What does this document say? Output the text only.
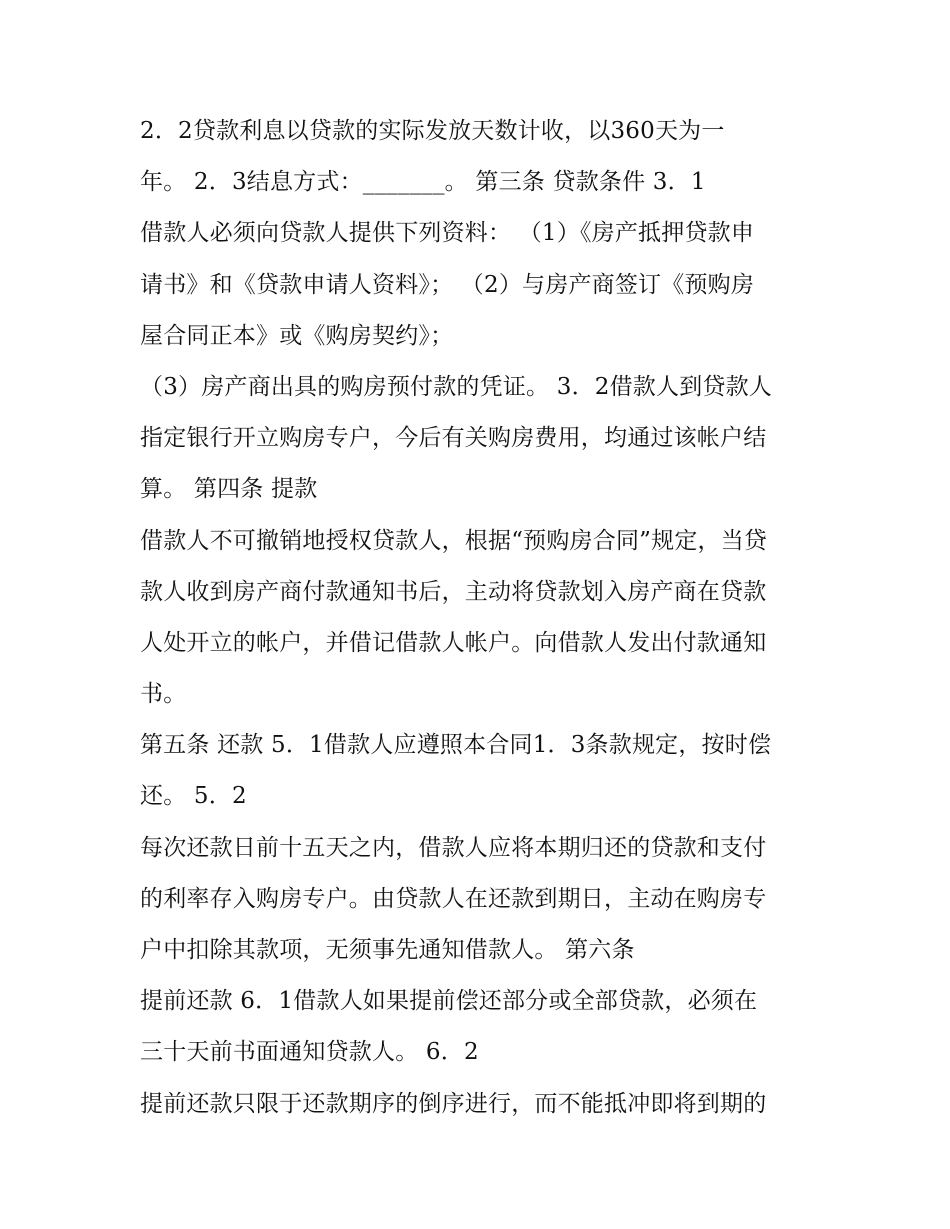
2．2贷款利息以贷款的实际发放天数计收，以360天为一
年。 2．3结息方式：_______。 第三条 贷款条件 3．1
借款人必须向贷款人提供下列资料： （1）《房产抵押贷款申
请书》和《贷款申请人资料》； （2）与房产商签订《预购房
屋合同正本》或《购房契约》；
（3）房产商出具的购房预付款的凭证。 3．2借款人到贷款人
指定银行开立购房专户，今后有关购房费用，均通过该帐户结
算。 第四条 提款
借款人不可撤销地授权贷款人，根据“预购房合同”规定，当贷
款人收到房产商付款通知书后，主动将贷款划入房产商在贷款
人处开立的帐户，并借记借款人帐户。向借款人发出付款通知
书。
第五条 还款 5．1借款人应遵照本合同1．3条款规定，按时偿
还。 5．2
每次还款日前十五天之内，借款人应将本期归还的贷款和支付
的利率存入购房专户。由贷款人在还款到期日，主动在购房专
户中扣除其款项，无须事先通知借款人。 第六条
提前还款 6．1借款人如果提前偿还部分或全部贷款，必须在
三十天前书面通知贷款人。 6．2
提前还款只限于还款期序的倒序进行，而不能抵冲即将到期的
